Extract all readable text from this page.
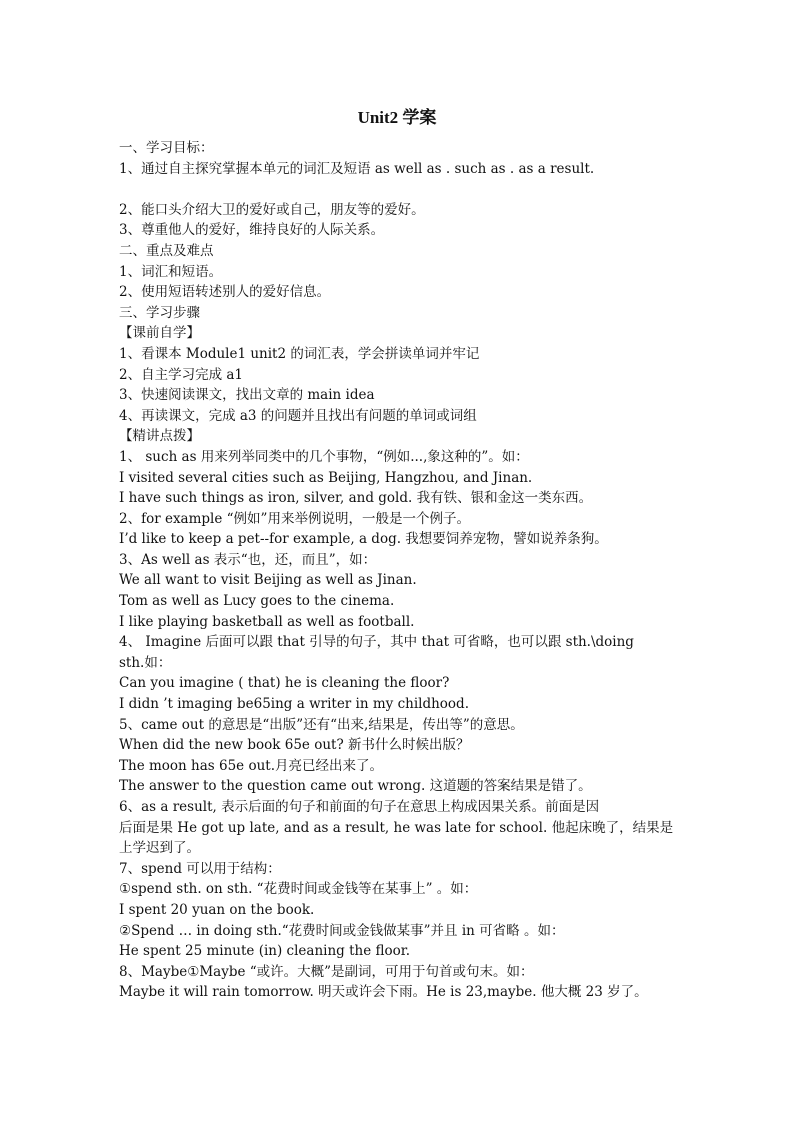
Unit2 学案
一、学习目标：
1、通过自主探究掌握本单元的词汇及短语 as well as . such as . as a result.
2、能口头介绍大卫的爱好或自己，朋友等的爱好。
3、尊重他人的爱好，维持良好的人际关系。
二、重点及难点
1、词汇和短语。
2、使用短语转述别人的爱好信息。
三、学习步骤
【课前自学】
1、看课本 Module1 unit2 的词汇表，学会拼读单词并牢记
2、自主学习完成 a1
3、快速阅读课文，找出文章的 main idea
4、再读课文，完成 a3 的问题并且找出有问题的单词或词组
【精讲点拨】
1、 such as 用来列举同类中的几个事物，“例如...,象这种的”。如：
I visited several cities such as Beijing, Hangzhou, and Jinan.
I have such things as iron, silver, and gold. 我有铁、银和金这一类东西。
2、for example “例如”用来举例说明，一般是一个例子。
I’d like to keep a pet--for example, a dog. 我想要饲养宠物，譬如说养条狗。
3、As well as 表示“也，还，而且”，如：
We all want to visit Beijing as well as Jinan.
Tom as well as Lucy goes to the cinema.
I like playing basketball as well as football.
4、 Imagine 后面可以跟 that 引导的句子，其中 that 可省略，也可以跟 sth.\doing
sth.如：
Can you imagine ( that) he is cleaning the floor?
I didn ’t imaging be65ing a writer in my childhood.
5、came out 的意思是“出版”还有“出来,结果是，传出等”的意思。
When did the new book 65e out? 新书什么时候出版？
The moon has 65e out.月亮已经出来了。
The answer to the question came out wrong. 这道题的答案结果是错了。
6、as a result, 表示后面的句子和前面的句子在意思上构成因果关系。前面是因
后面是果 He got up late, and as a result, he was late for school. 他起床晚了，结果是
上学迟到了。
7、spend 可以用于结构：
①spend sth. on sth. “花费时间或金钱等在某事上” 。如：
I spent 20 yuan on the book.
②Spend … in doing sth.“花费时间或金钱做某事”并且 in 可省略 。如：
He spent 25 minute (in) cleaning the floor.
8、Maybe①Maybe “或许。大概”是副词，可用于句首或句末。如：
Maybe it will rain tomorrow. 明天或许会下雨。He is 23,maybe. 他大概 23 岁了。
